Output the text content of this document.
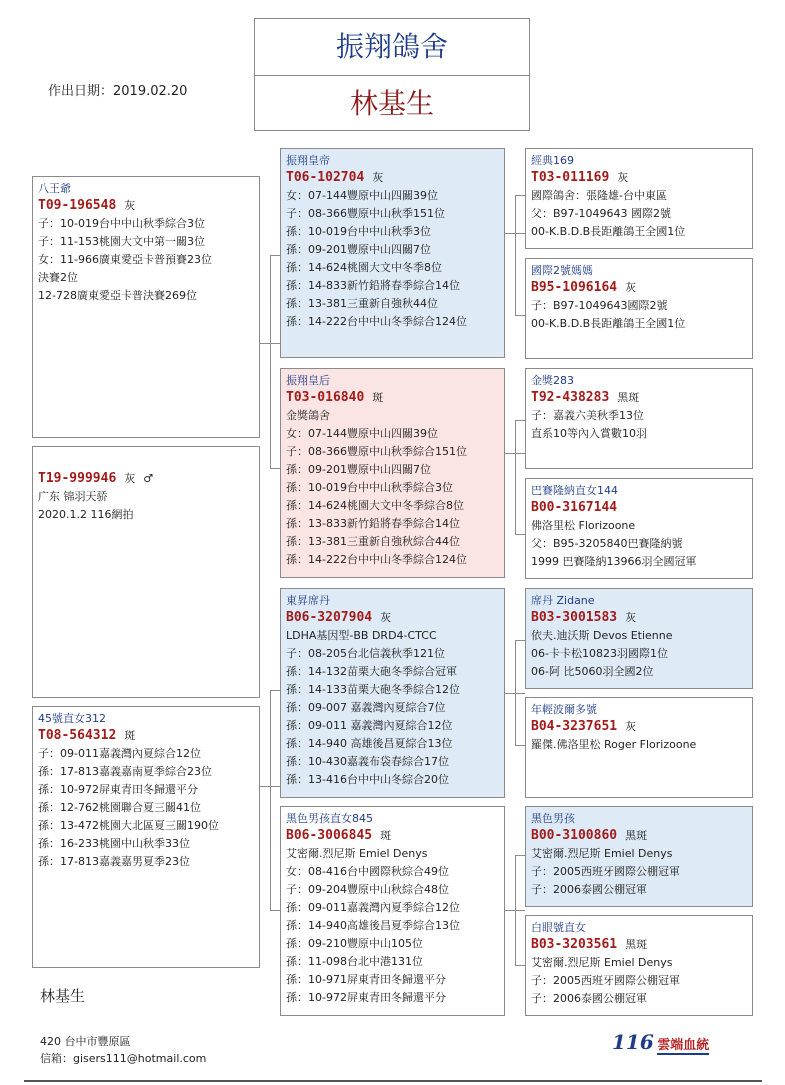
振翔鴿舍
林基生
作出日期：2019.02.20
八王爺
T09-196548 灰
子：10-019台中中山秋季綜合3位
子：11-153桃園大文中第一關3位
女：11-966廣東愛亞卡普預賽23位
決賽2位
12-728廣東愛亞卡普決賽269位
T19-999946 灰 ♂
广东 锦羽天骄
2020.1.2 116網拍
45號直女312
T08-564312 斑
子：09-011嘉義灣內夏綜合12位
孫：17-813嘉義嘉南夏季綜合23位
孫：10-972屏東青田冬歸還平分
孫：12-762桃園聯合夏三關41位
孫：13-472桃園大北區夏三關190位
孫：16-233桃園中山秋季33位
孫：17-813嘉義嘉男夏季23位
振翔皇帝
T06-102704 灰
女：07-144豐原中山四關39位
子：08-366豐原中山秋季151位
孫：10-019台中中山秋季3位
孫：09-201豐原中山四關7位
孫：14-624桃園大文中冬季8位
孫：14-833新竹鉛將春季綜合14位
孫：13-381三重新自強秋44位
孫：14-222台中中山冬季綜合124位
振翔皇后
T03-016840 斑
金獎鴿舍
女：07-144豐原中山四關39位
子：08-366豐原中山秋季綜合151位
孫：09-201豐原中山四關7位
孫：10-019台中中山秋季綜合3位
孫：14-624桃園大文中冬季綜合8位
孫：13-833新竹鉛將春季綜合14位
孫：13-381三重新自強秋綜合44位
孫：14-222台中中山冬季綜合124位
東昇席丹
B06-3207904 灰
LDHA基因型-BB DRD4-CTCC
子：08-205台北信義秋季121位
孫：14-132苗栗大砲冬季綜合冠軍
孫：14-133苗栗大砲冬季綜合12位
孫：09-007 嘉義灣內夏綜合7位
孫：09-011 嘉義灣內夏綜合12位
孫：14-940 高雄後昌夏綜合13位
孫：10-430嘉義布袋春綜合17位
孫：13-416台中中山冬綜合20位
黑色男孩直女845
B06-3006845 斑
艾密爾.烈尼斯 Emiel Denys
女：08-416台中國際秋綜合49位
子：09-204豐原中山秋綜合48位
孫：09-011嘉義灣內夏季綜合12位
孫：14-940高雄後昌夏季綜合13位
孫：09-210豐原中山105位
孫：11-098台北中港131位
孫：10-971屏東青田冬歸還平分
孫：10-972屏東青田冬歸還平分
經典169
T03-011169 灰
國際鴿舍：張隆雄-台中東區
父：B97-1049643 國際2號
00-K.B.D.B長距離鴿王全國1位
國際2號媽媽
B95-1096164 灰
子：B97-1049643國際2號
00-K.B.D.B長距離鴿王全國1位
金獎283
T92-438283 黑斑
子：嘉義六美秋季13位
直系10等內入賞數10羽
巴賽隆納直女144
B00-3167144
佛洛里松 Florizoone
父：B95-3205840巴賽隆納號
1999 巴賽隆納13966羽全國冠軍
席丹 Zidane
B03-3001583 灰
依夫.迪沃斯 Devos Etienne
06-卡卡松10823羽國際1位
06-阿 比5060羽全國2位
年輕波爾多號
B04-3237651 灰
羅傑.佛洛里松 Roger Florizoone
黑色男孩
B00-3100860 黑斑
艾密爾.烈尼斯 Emiel Denys
子：2005西班牙國際公棚冠軍
子：2006泰國公棚冠軍
白眼號直女
B03-3203561 黑斑
艾密爾.烈尼斯 Emiel Denys
子：2005西班牙國際公棚冠軍
子：2006泰國公棚冠軍
林基生
420 台中市豐原區
信箱：gisers111@hotmail.com
116 雲端血統
